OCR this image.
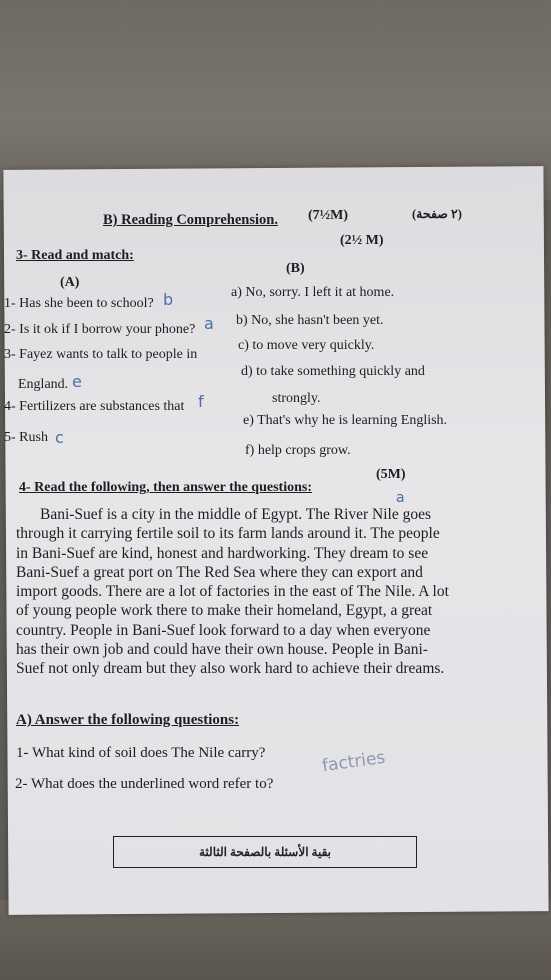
B) Reading Comprehension. (7½M)	(٢ صفحة)
(2½ M)
3- Read and match:
(A)
(B)
1- Has she been to school?
2- Is it ok if I borrow your phone?
3- Fayez wants to talk to people in
England.
4- Fertilizers are substances that
5- Rush
b
a
e
f
c
a) No, sorry. I left it at home.
b) No, she hasn't been yet.
c) to move very quickly.
d) to take something quickly and
strongly.
e) That's why he is learning English.
f) help crops grow.
4- Read the following, then answer the questions:
(5M)
a
Bani-Suef is a city in the middle of Egypt. The River Nile goes
through it carrying fertile soil to its farm lands around it. The people
in Bani-Suef are kind, honest and hardworking. They dream to see
Bani-Suef a great port on The Red Sea where they can export and
import goods. There are a lot of factories in the east of The Nile. A lot
of young people work there to make their homeland, Egypt, a great
country. People in Bani-Suef look forward to a day when everyone
has their own job and could have their own house. People in Bani-
Suef not only dream but they also work hard to achieve their dreams.
A) Answer the following questions:
1- What kind of soil does The Nile carry?
2- What does the underlined word refer to?
factries
بقية الأسئلة بالصفحة الثالثة
